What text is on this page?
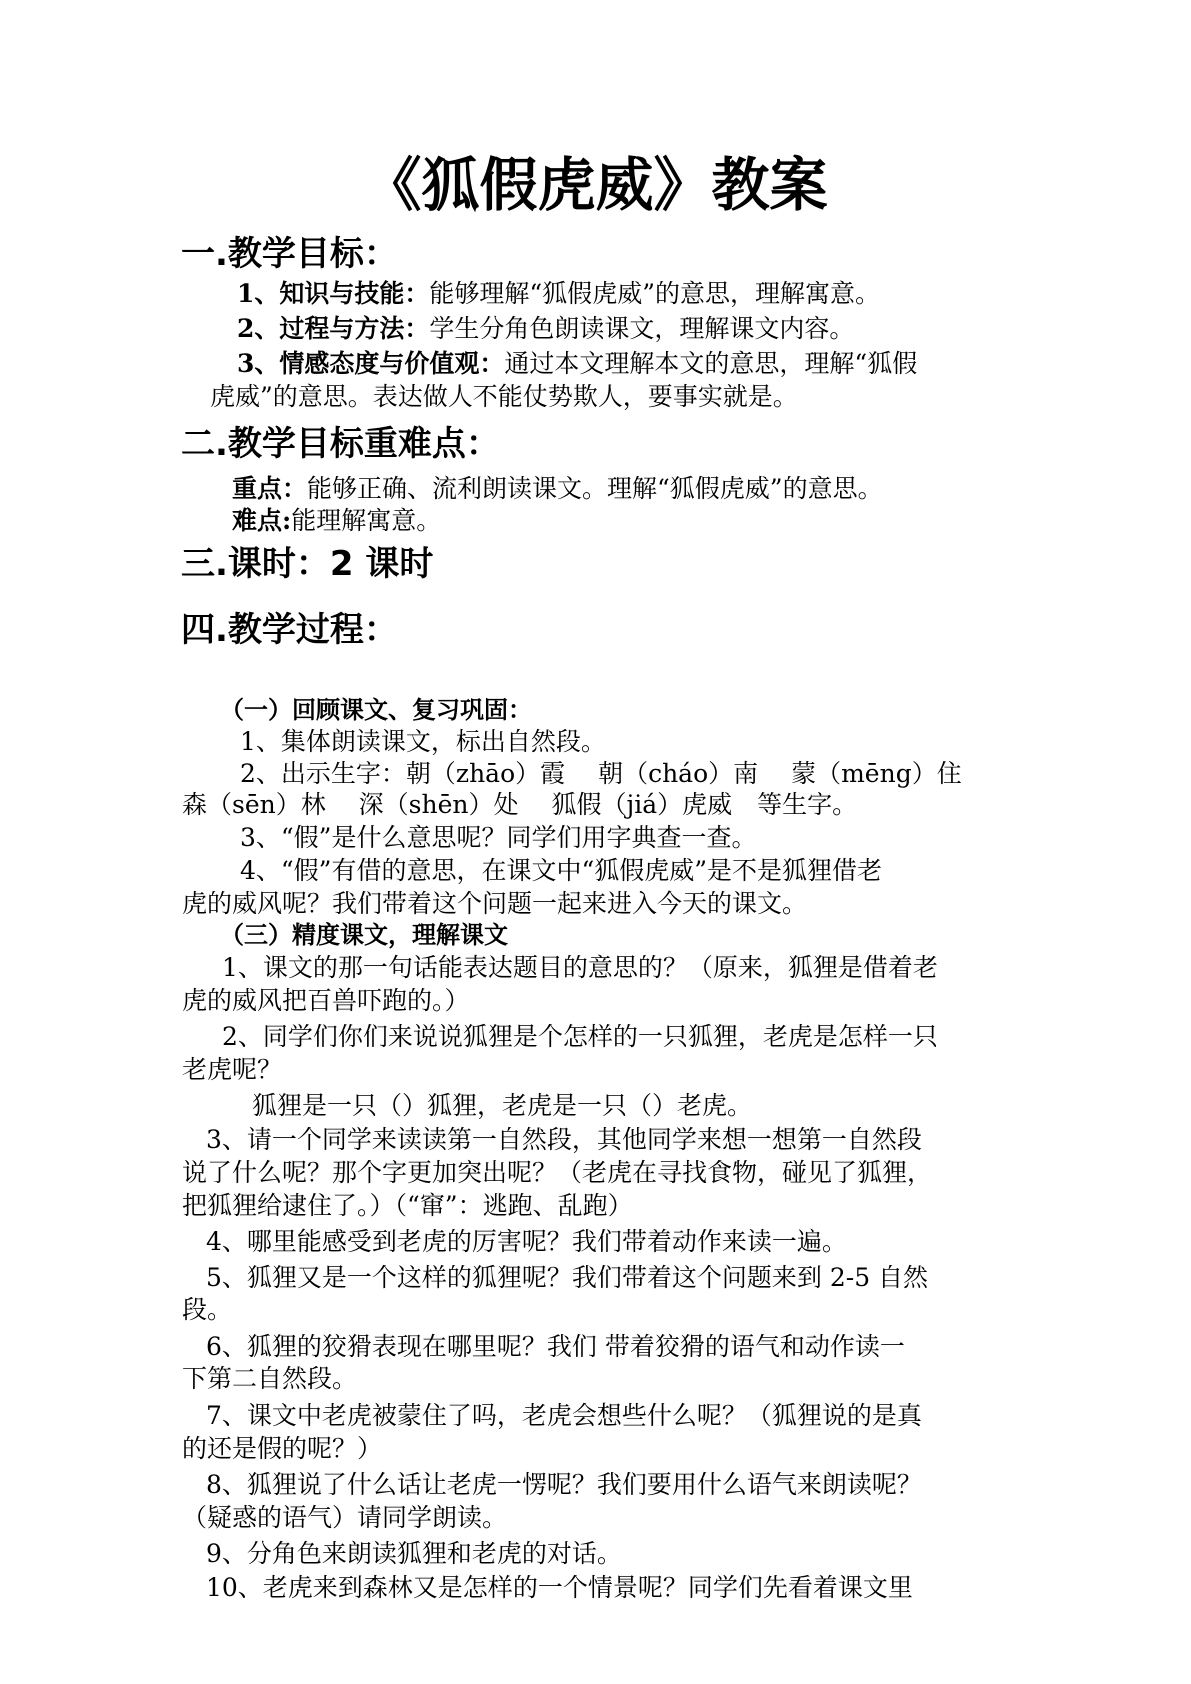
《狐假虎威》教案
一.教学目标：
1、知识与技能：能够理解“狐假虎威”的意思，理解寓意。
2、过程与方法：学生分角色朗读课文，理解课文内容。
3、情感态度与价值观：通过本文理解本文的意思，理解“狐假
虎威”的意思。表达做人不能仗势欺人，要事实就是。
二.教学目标重难点：
重点：能够正确、流利朗读课文。理解“狐假虎威”的意思。
难点:能理解寓意。
三.课时：2 课时
四.教学过程：
（一）回顾课文、复习巩固：
1、集体朗读课文，标出自然段。
2、出示生字：朝（zhāo）霞　 朝（cháo）南　 蒙（mēng）住
森（sēn）林　 深（shēn）处　 狐假（jiá）虎威　等生字。
3、“假”是什么意思呢？同学们用字典查一查。
4、“假”有借的意思，在课文中“狐假虎威”是不是狐狸借老
虎的威风呢？我们带着这个问题一起来进入今天的课文。
（三）精度课文，理解课文
1、课文的那一句话能表达题目的意思的？（原来，狐狸是借着老
虎的威风把百兽吓跑的。）
2、同学们你们来说说狐狸是个怎样的一只狐狸，老虎是怎样一只
老虎呢？
狐狸是一只（）狐狸，老虎是一只（）老虎。
3、请一个同学来读读第一自然段，其他同学来想一想第一自然段
说了什么呢？那个字更加突出呢？（老虎在寻找食物，碰见了狐狸，
把狐狸给逮住了。）（“窜”：逃跑、乱跑）
4、哪里能感受到老虎的厉害呢？我们带着动作来读一遍。
5、狐狸又是一个这样的狐狸呢？我们带着这个问题来到 2-5 自然
段。
6、狐狸的狡猾表现在哪里呢？我们 带着狡猾的语气和动作读一
下第二自然段。
7、课文中老虎被蒙住了吗，老虎会想些什么呢？（狐狸说的是真
的还是假的呢？）
8、狐狸说了什么话让老虎一愣呢？我们要用什么语气来朗读呢？
（疑惑的语气）请同学朗读。
9、分角色来朗读狐狸和老虎的对话。
10、老虎来到森林又是怎样的一个情景呢？同学们先看着课文里
